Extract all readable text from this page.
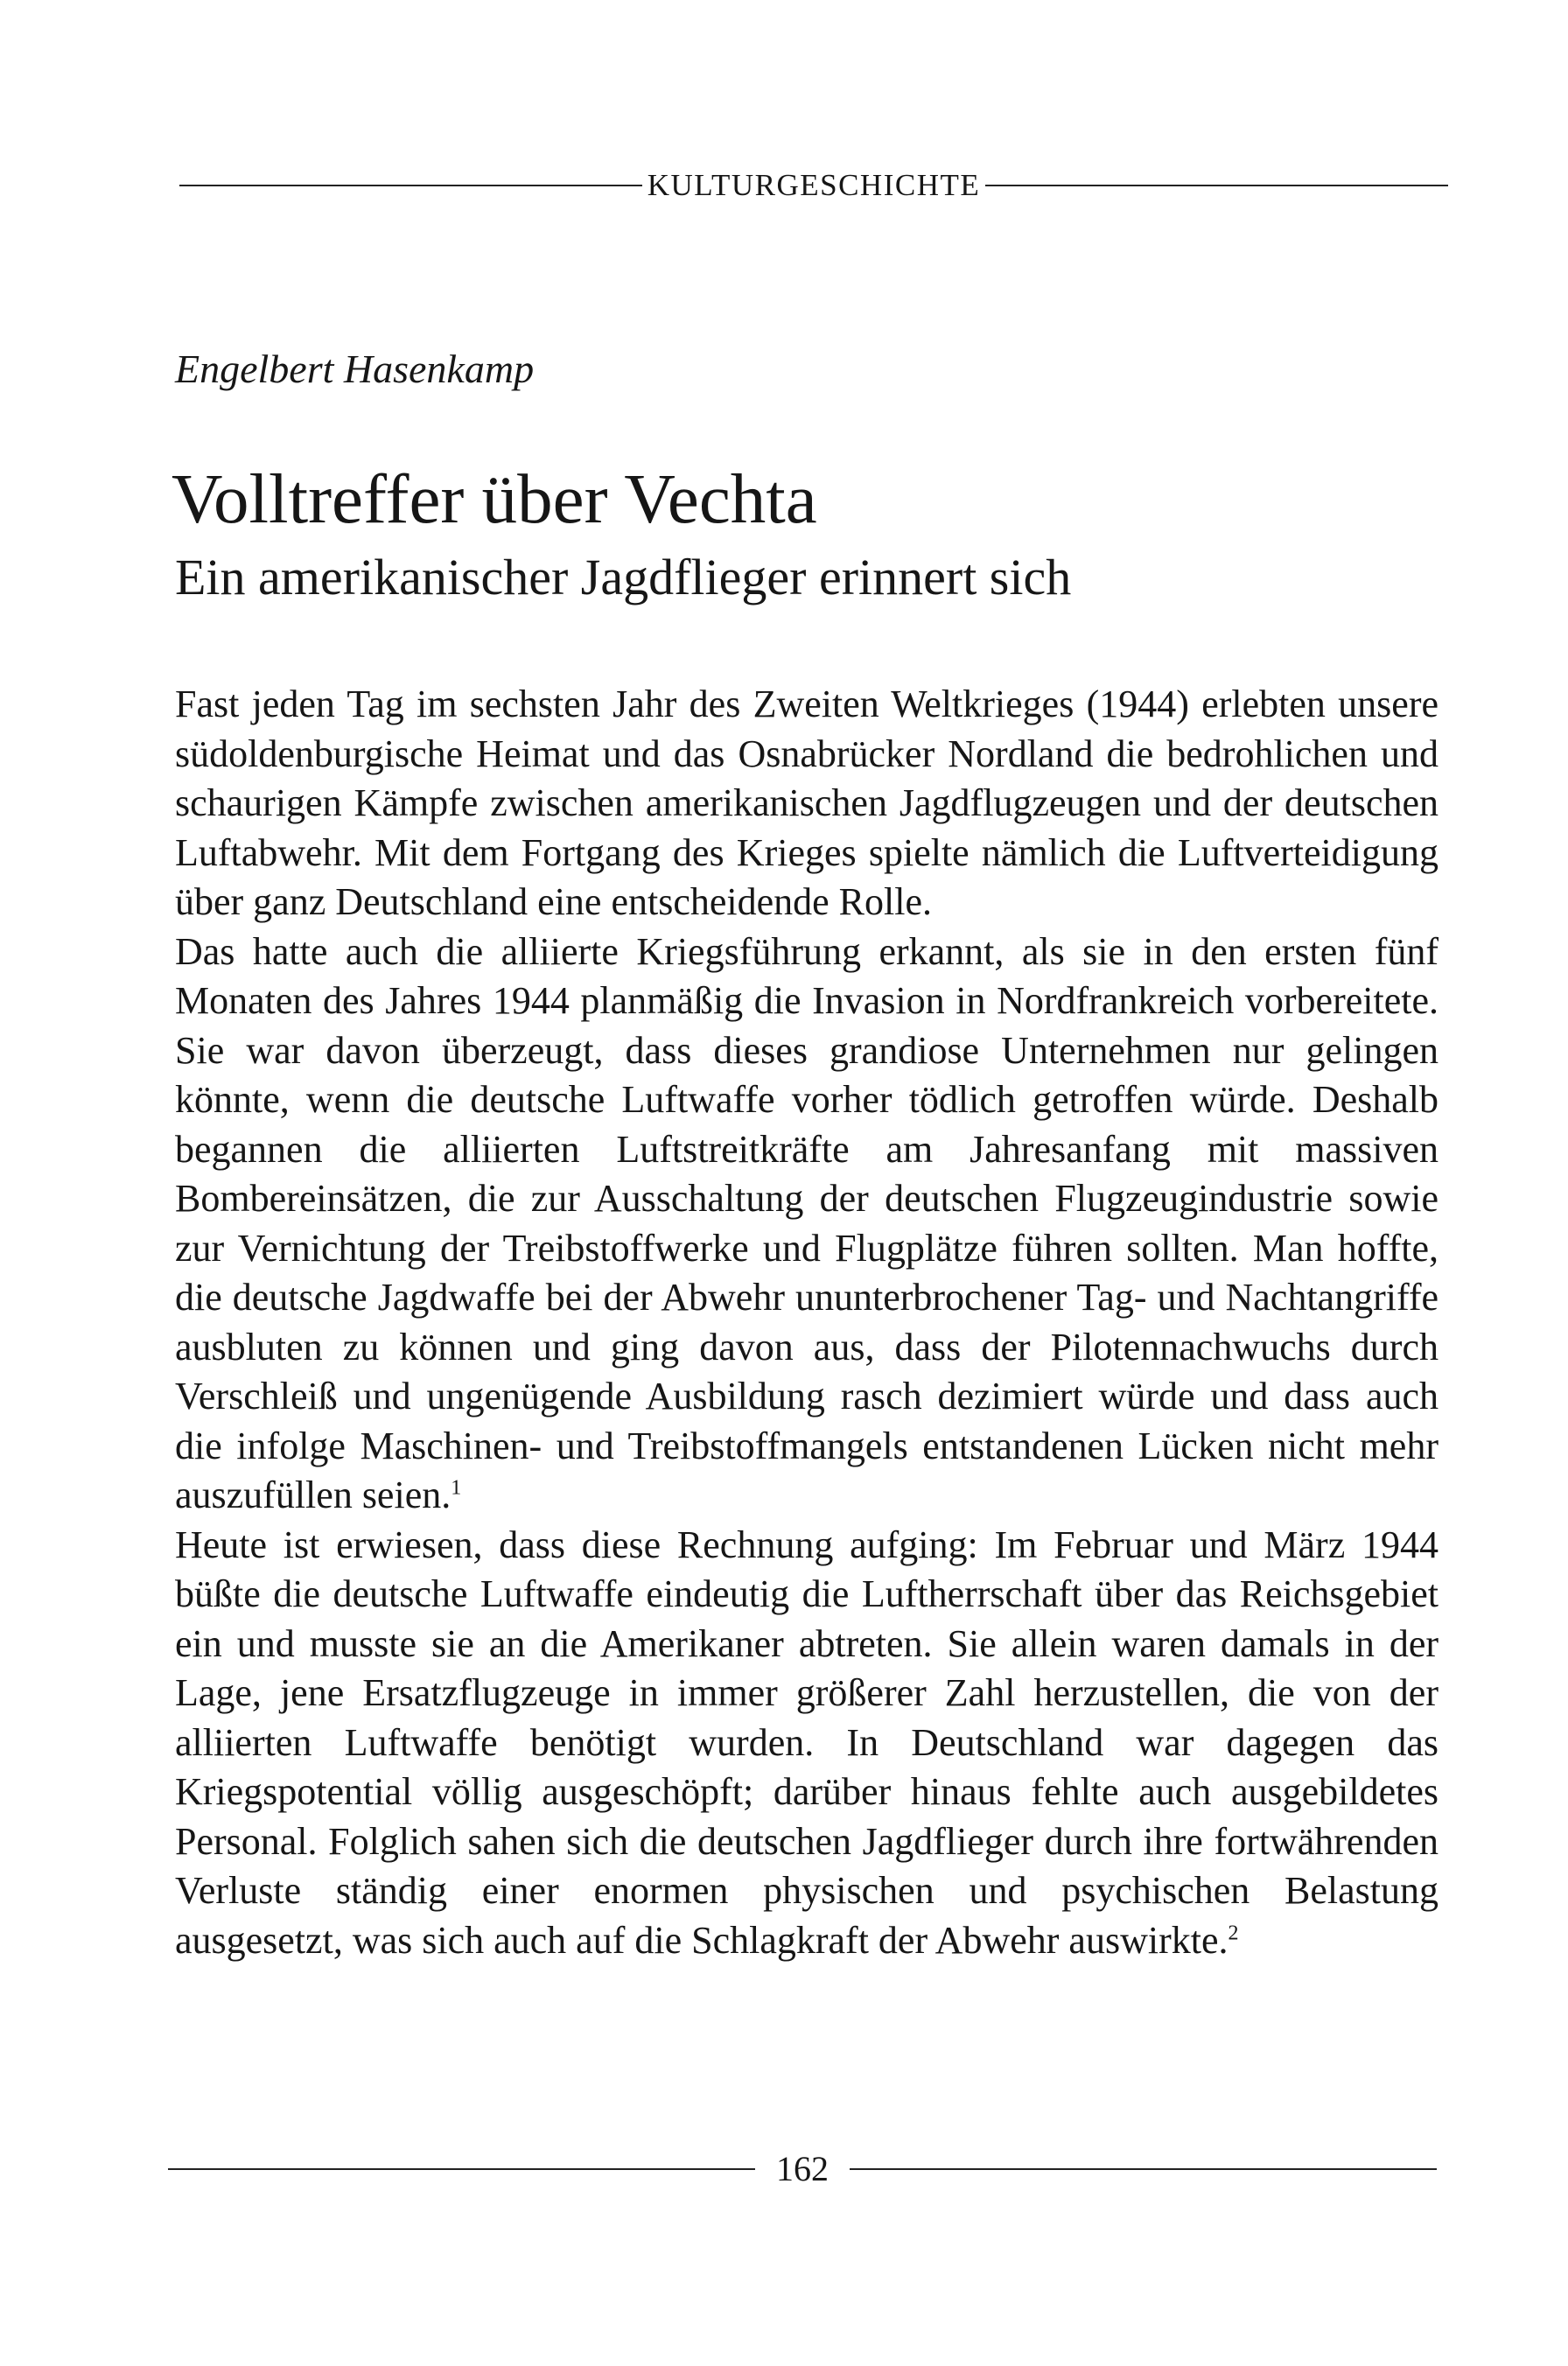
KULTURGESCHICHTE
Engelbert Hasenkamp
Volltreffer über Vechta
Ein amerikanischer Jagdflieger erinnert sich

Fast jeden Tag im sechsten Jahr des Zweiten Weltkrieges (1944) erlebten unsere südoldenburgische Heimat und das Osnabrücker Nordland die bedrohlichen und schaurigen Kämpfe zwischen amerikanischen Jagdflugzeugen und der deutschen Luftabwehr. Mit dem Fortgang des Krieges spielte nämlich die Luftverteidigung über ganz Deutschland eine entscheidende Rolle.

Das hatte auch die alliierte Kriegsführung erkannt, als sie in den ersten fünf Monaten des Jahres 1944 planmäßig die Invasion in Nordfrankreich vorbereitete. Sie war davon überzeugt, dass dieses grandiose Unternehmen nur gelingen könnte, wenn die deutsche Luftwaffe vorher tödlich getroffen würde. Deshalb begannen die alliierten Luftstreitkräfte am Jahresanfang mit massiven Bombereinsätzen, die zur Ausschaltung der deutschen Flugzeugindustrie sowie zur Vernichtung der Treibstoffwerke und Flugplätze führen sollten. Man hoffte, die deutsche Jagdwaffe bei der Abwehr ununterbrochener Tag- und Nachtangriffe ausbluten zu können und ging davon aus, dass der Pilotennachwuchs durch Verschleiß und ungenügende Ausbildung rasch dezimiert würde und dass auch die infolge Maschinen- und Treibstoffmangels entstandenen Lücken nicht mehr auszufüllen seien.$^1$

Heute ist erwiesen, dass diese Rechnung aufging: Im Februar und März 1944 büßte die deutsche Luftwaffe eindeutig die Luftherrschaft über das Reichsgebiet ein und musste sie an die Amerikaner abtreten. Sie allein waren damals in der Lage, jene Ersatzflugzeuge in immer größerer Zahl herzustellen, die von der alliierten Luftwaffe benötigt wurden. In Deutschland war dagegen das Kriegspotential völlig ausgeschöpft; darüber hinaus fehlte auch ausgebildetes Personal. Folglich sahen sich die deutschen Jagdflieger durch ihre fortwährenden Verluste ständig einer enormen physischen und psychischen Belastung ausgesetzt, was sich auch auf die Schlagkraft der Abwehr auswirkte.$^2$

162
